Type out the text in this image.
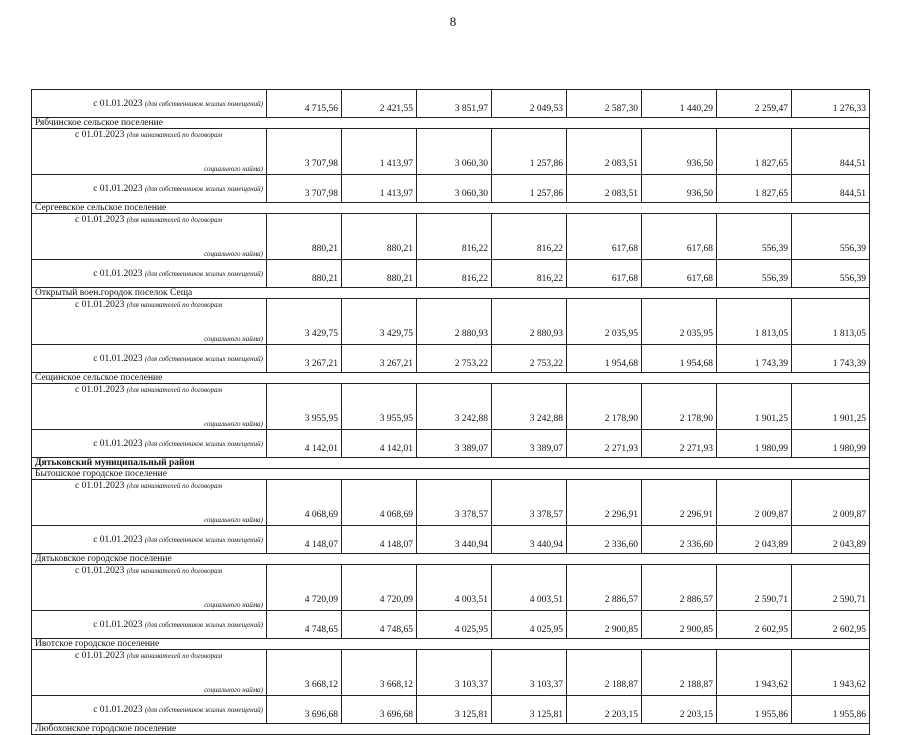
8
с 01.01.2023 (для собственников жилых помещений)	4 715,56	2 421,55	3 851,97	2 049,53	2 587,30	1 440,29	2 259,47	1 276,33
Рябчинское сельское поселение								

с 01.01.2023 (для нанимателей по договорам
социального найма)	3 707,98	1 413,97	3 060,30	1 257,86	2 083,51	936,50	1 827,65	844,51
с 01.01.2023 (для собственников жилых помещений)	3 707,98	1 413,97	3 060,30	1 257,86	2 083,51	936,50	1 827,65	844,51
Сергеевское сельское поселение								

с 01.01.2023 (для нанимателей по договорам
социального найма)	880,21	880,21	816,22	816,22	617,68	617,68	556,39	556,39
с 01.01.2023 (для собственников жилых помещений)	880,21	880,21	816,22	816,22	617,68	617,68	556,39	556,39
Открытый воен.городок поселок Сеща								

с 01.01.2023 (для нанимателей по договорам
социального найма)	3 429,75	3 429,75	2 880,93	2 880,93	2 035,95	2 035,95	1 813,05	1 813,05
с 01.01.2023 (для собственников жилых помещений)	3 267,21	3 267,21	2 753,22	2 753,22	1 954,68	1 954,68	1 743,39	1 743,39
Сещинское сельское поселение								

с 01.01.2023 (для нанимателей по договорам
социального найма)	3 955,95	3 955,95	3 242,88	3 242,88	2 178,90	2 178,90	1 901,25	1 901,25
с 01.01.2023 (для собственников жилых помещений)	4 142,01	4 142,01	3 389,07	3 389,07	2 271,93	2 271,93	1 980,99	1 980,99
Дятьковский муниципальный район								
Бытошское городское поселение								

с 01.01.2023 (для нанимателей по договорам
социального найма)	4 068,69	4 068,69	3 378,57	3 378,57	2 296,91	2 296,91	2 009,87	2 009,87
с 01.01.2023 (для собственников жилых помещений)	4 148,07	4 148,07	3 440,94	3 440,94	2 336,60	2 336,60	2 043,89	2 043,89
Дятьковское городское поселение								

с 01.01.2023 (для нанимателей по договорам
социального найма)	4 720,09	4 720,09	4 003,51	4 003,51	2 886,57	2 886,57	2 590,71	2 590,71
с 01.01.2023 (для собственников жилых помещений)	4 748,65	4 748,65	4 025,95	4 025,95	2 900,85	2 900,85	2 602,95	2 602,95
Ивотское городское поселение								

с 01.01.2023 (для нанимателей по договорам
социального найма)	3 668,12	3 668,12	3 103,37	3 103,37	2 188,87	2 188,87	1 943,62	1 943,62
с 01.01.2023 (для собственников жилых помещений)	3 696,68	3 696,68	3 125,81	3 125,81	2 203,15	2 203,15	1 955,86	1 955,86
Любохонское городское поселение								
